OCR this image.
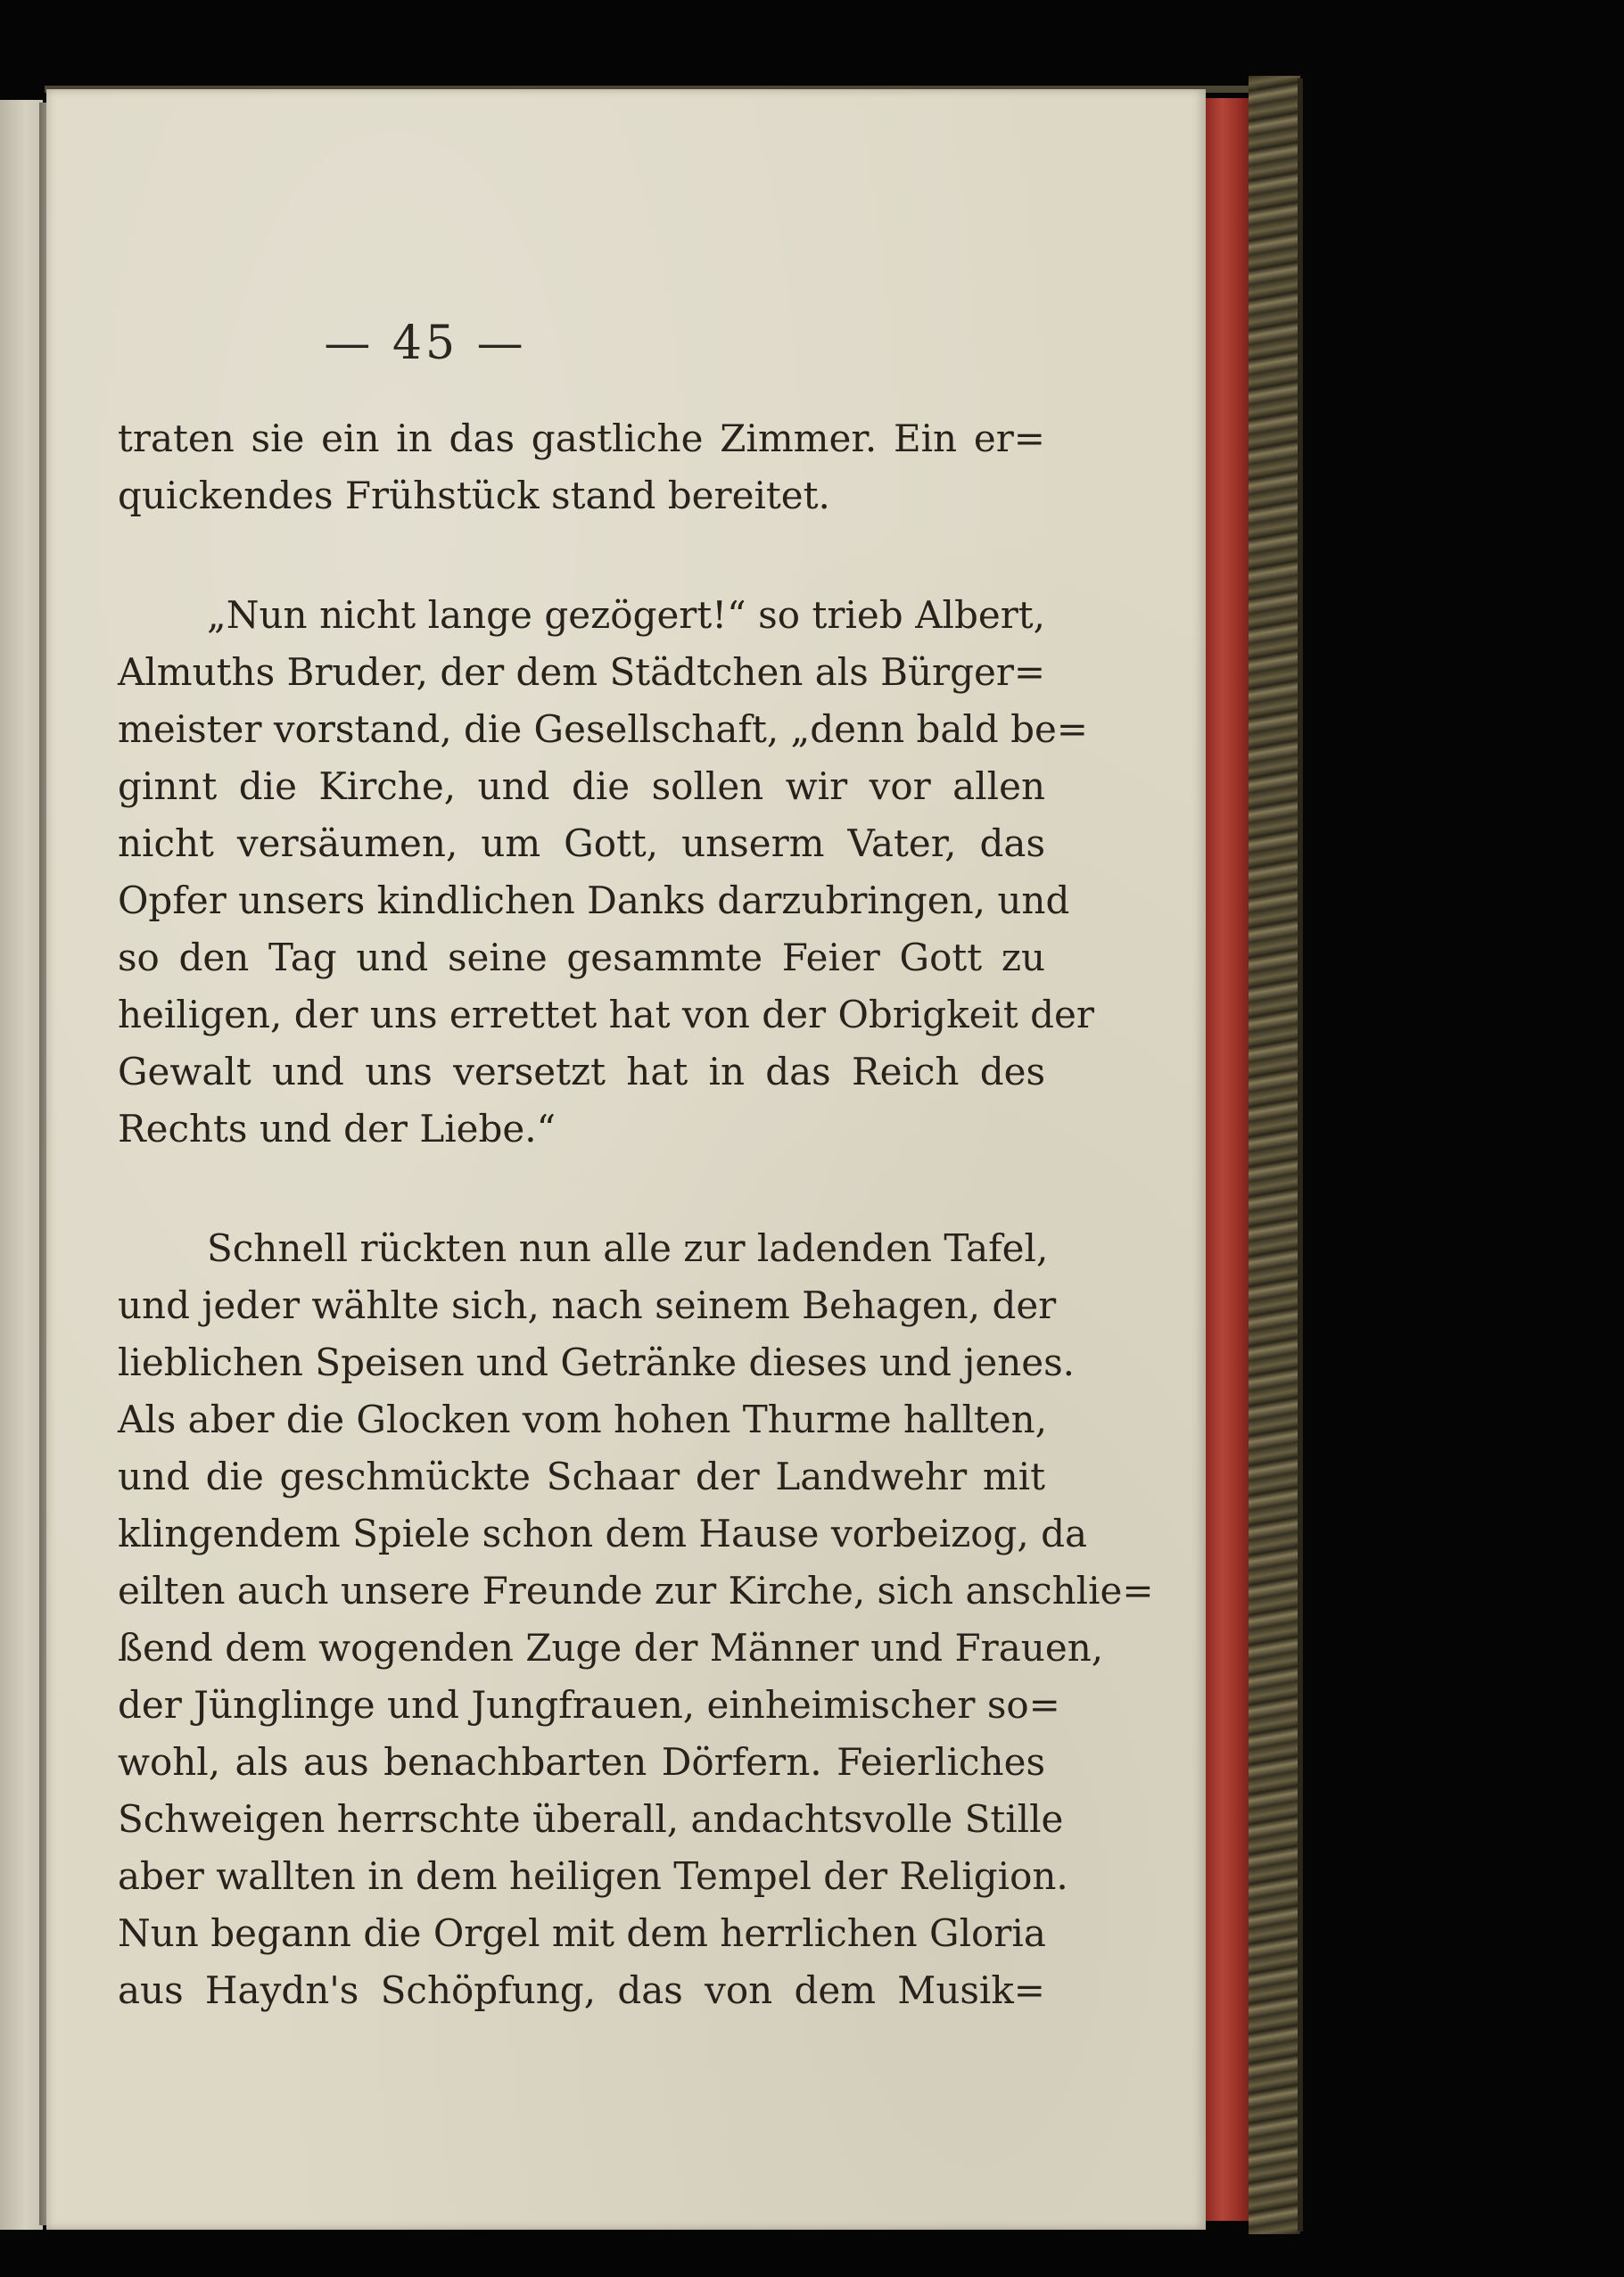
— 45 —
traten sie ein in das gastliche Zimmer. Ein er=
quickendes Frühstück stand bereitet.
„Nun nicht lange gezögert!“ so trieb Albert,
Almuths Bruder, der dem Städtchen als Bürger=
meister vorstand, die Gesellschaft, „denn bald be=
ginnt die Kirche, und die sollen wir vor allen
nicht versäumen, um Gott, unserm Vater, das
Opfer unsers kindlichen Danks darzubringen, und
so den Tag und seine gesammte Feier Gott zu
heiligen, der uns errettet hat von der Obrigkeit der
Gewalt und uns versetzt hat in das Reich des
Rechts und der Liebe.“
Schnell rückten nun alle zur ladenden Tafel,
und jeder wählte sich, nach seinem Behagen, der
lieblichen Speisen und Getränke dieses und jenes.
Als aber die Glocken vom hohen Thurme hallten,
und die geschmückte Schaar der Landwehr mit
klingendem Spiele schon dem Hause vorbeizog, da
eilten auch unsere Freunde zur Kirche, sich anschlie=
ßend dem wogenden Zuge der Männer und Frauen,
der Jünglinge und Jungfrauen, einheimischer so=
wohl, als aus benachbarten Dörfern. Feierliches
Schweigen herrschte überall, andachtsvolle Stille
aber wallten in dem heiligen Tempel der Religion.
Nun begann die Orgel mit dem herrlichen Gloria
aus Haydn's Schöpfung, das von dem Musik=
